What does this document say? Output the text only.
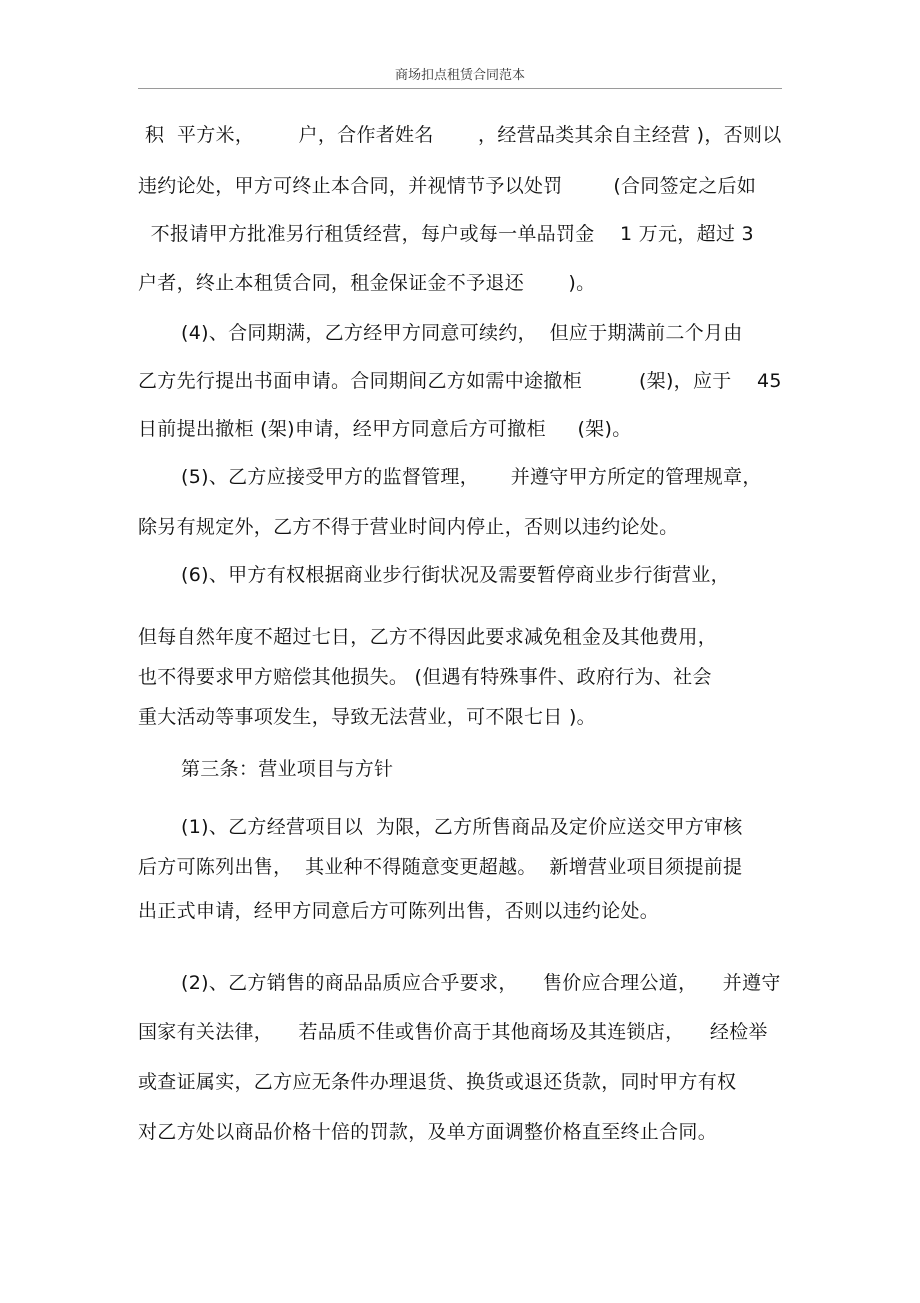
商场扣点租赁合同范本
积  平方米，       户，合作者姓名       ，经营品类其余自主经营 )，否则以
违约论处，甲方可终止本合同，并视情节予以处罚        (合同签定之后如
不报请甲方批准另行租赁经营，每户或每一单品罚金    1 万元，超过 3
户者，终止本租赁合同，租金保证金不予退还       )。
(4)、合同期满，乙方经甲方同意可续约，  但应于期满前二个月由
乙方先行提出书面申请。合同期间乙方如需中途撤柜         (架)，应于    45
日前提出撤柜 (架)申请，经甲方同意后方可撤柜     (架)。
(5)、乙方应接受甲方的监督管理，     并遵守甲方所定的管理规章，
除另有规定外，乙方不得于营业时间内停止，否则以违约论处。
(6)、甲方有权根据商业步行街状况及需要暂停商业步行街营业，
但每自然年度不超过七日，乙方不得因此要求减免租金及其他费用，
也不得要求甲方赔偿其他损失。 (但遇有特殊事件、政府行为、社会
重大活动等事项发生，导致无法营业，可不限七日 )。
第三条：营业项目与方针
(1)、乙方经营项目以  为限，乙方所售商品及定价应送交甲方审核
后方可陈列出售，  其业种不得随意变更超越。  新增营业项目须提前提
出正式申请，经甲方同意后方可陈列出售，否则以违约论处。
(2)、乙方销售的商品品质应合乎要求，    售价应合理公道，    并遵守
国家有关法律，    若品质不佳或售价高于其他商场及其连锁店，    经检举
或查证属实，乙方应无条件办理退货、换货或退还货款，同时甲方有权
对乙方处以商品价格十倍的罚款，及单方面调整价格直至终止合同。
